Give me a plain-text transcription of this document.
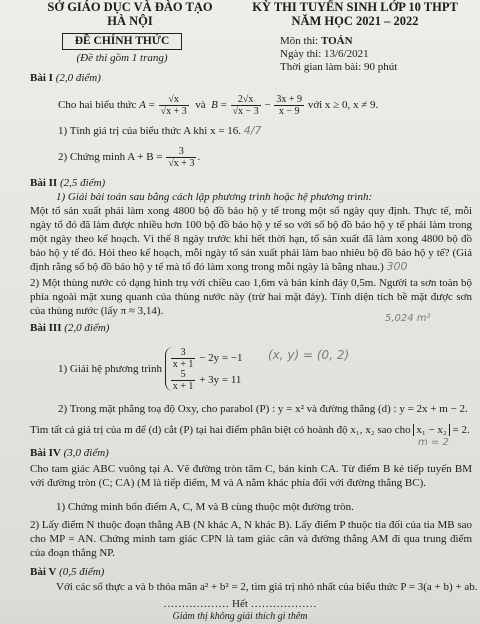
SỞ GIÁO DỤC VÀ ĐÀO TẠO
HÀ NỘI
KỲ THI TUYỂN SINH LỚP 10 THPT
NĂM HỌC 2021 – 2022
ĐỀ CHÍNH THỨC
(Đề thi gồm 1 trang)
Môn thi: TOÁN
Ngày thi: 13/6/2021
Thời gian làm bài: 90 phút
Bài I (2,0 điểm)
Cho hai biểu thức $A = \frac{√x}{√x + 3}$ và  $B = \frac{2√x}{√x - 3} - \frac{3x + 9}{x - 9}$ với x ≥ 0, x ≠ 9.
1) Tính giá trị của biểu thức A khi x = 16. 4/7
2) Chứng minh $A + B = \frac{3}{√x + 3}$ .
Bài II (2,5 điểm)
1) Giải bài toán sau bằng cách lập phương trình hoặc hệ phương trình:
Một tổ sản xuất phải làm xong 4800 bộ đồ bảo hộ y tế trong một số ngày quy định. Thực tế, mỗi ngày tổ đó đã làm được nhiều hơn 100 bộ đồ bảo hộ y tế so với số bộ đồ bảo hộ y tế phải làm trong một ngày theo kế hoạch. Vì thế 8 ngày trước khi hết thời hạn, tổ sản xuất đã làm xong 4800 bộ đồ bảo hộ y tế đó. Hỏi theo kế hoạch, mỗi ngày tổ sản xuất phải làm bao nhiêu bộ đồ bảo hộ y tế? (Giả định rằng số bộ đồ bảo hộ y tế mà tổ đó làm xong trong mỗi ngày là bằng nhau.) 300
2) Một thùng nước có dạng hình trụ với chiều cao 1,6m và bán kính đáy 0,5m. Người ta sơn toàn bộ phía ngoài mặt xung quanh của thùng nước này (trừ hai mặt đáy). Tính diện tích bề mặt được sơn của thùng nước (lấy π ≈ 3,14).
5,024 m²
Bài III (2,0 điểm)
1) Giải hệ phương trình $\frac{3}{x + 1} - 2y = -1$
$\frac{5}{x + 1} + 3y = 11$
(x, y) = (0, 2)
2) Trong mặt phẳng toạ độ Oxy, cho parabol (P) : y = x² và đường thẳng (d) : y = 2x + m − 2.
Tìm tất cả giá trị của m để (d) cắt (P) tại hai điểm phân biệt có hoành độ x₁, x₂ sao cho x₁ − x₂ = 2.
m = 2
Bài IV (3,0 điểm)
Cho tam giác ABC vuông tại A. Vẽ đường tròn tâm C, bán kính CA. Từ điểm B kẻ tiếp tuyến BM với đường tròn (C; CA) (M là tiếp điểm, M và A nằm khác phía đối với đường thẳng BC).
1) Chứng minh bốn điểm A, C, M và B cùng thuộc một đường tròn.
2) Lấy điểm N thuộc đoạn thẳng AB (N khác A, N khác B). Lấy điểm P thuộc tia đối của tia MB sao cho MP = AN. Chứng minh tam giác CPN là tam giác cân và đường thẳng AM đi qua trung điểm của đoạn thẳng NP.
Bài V (0,5 điểm)
Với các số thực a và b thỏa mãn a² + b² = 2, tìm giá trị nhỏ nhất của biểu thức P = 3(a + b) + ab.
……………… Hết ………………
Giám thị không giải thích gì thêm
